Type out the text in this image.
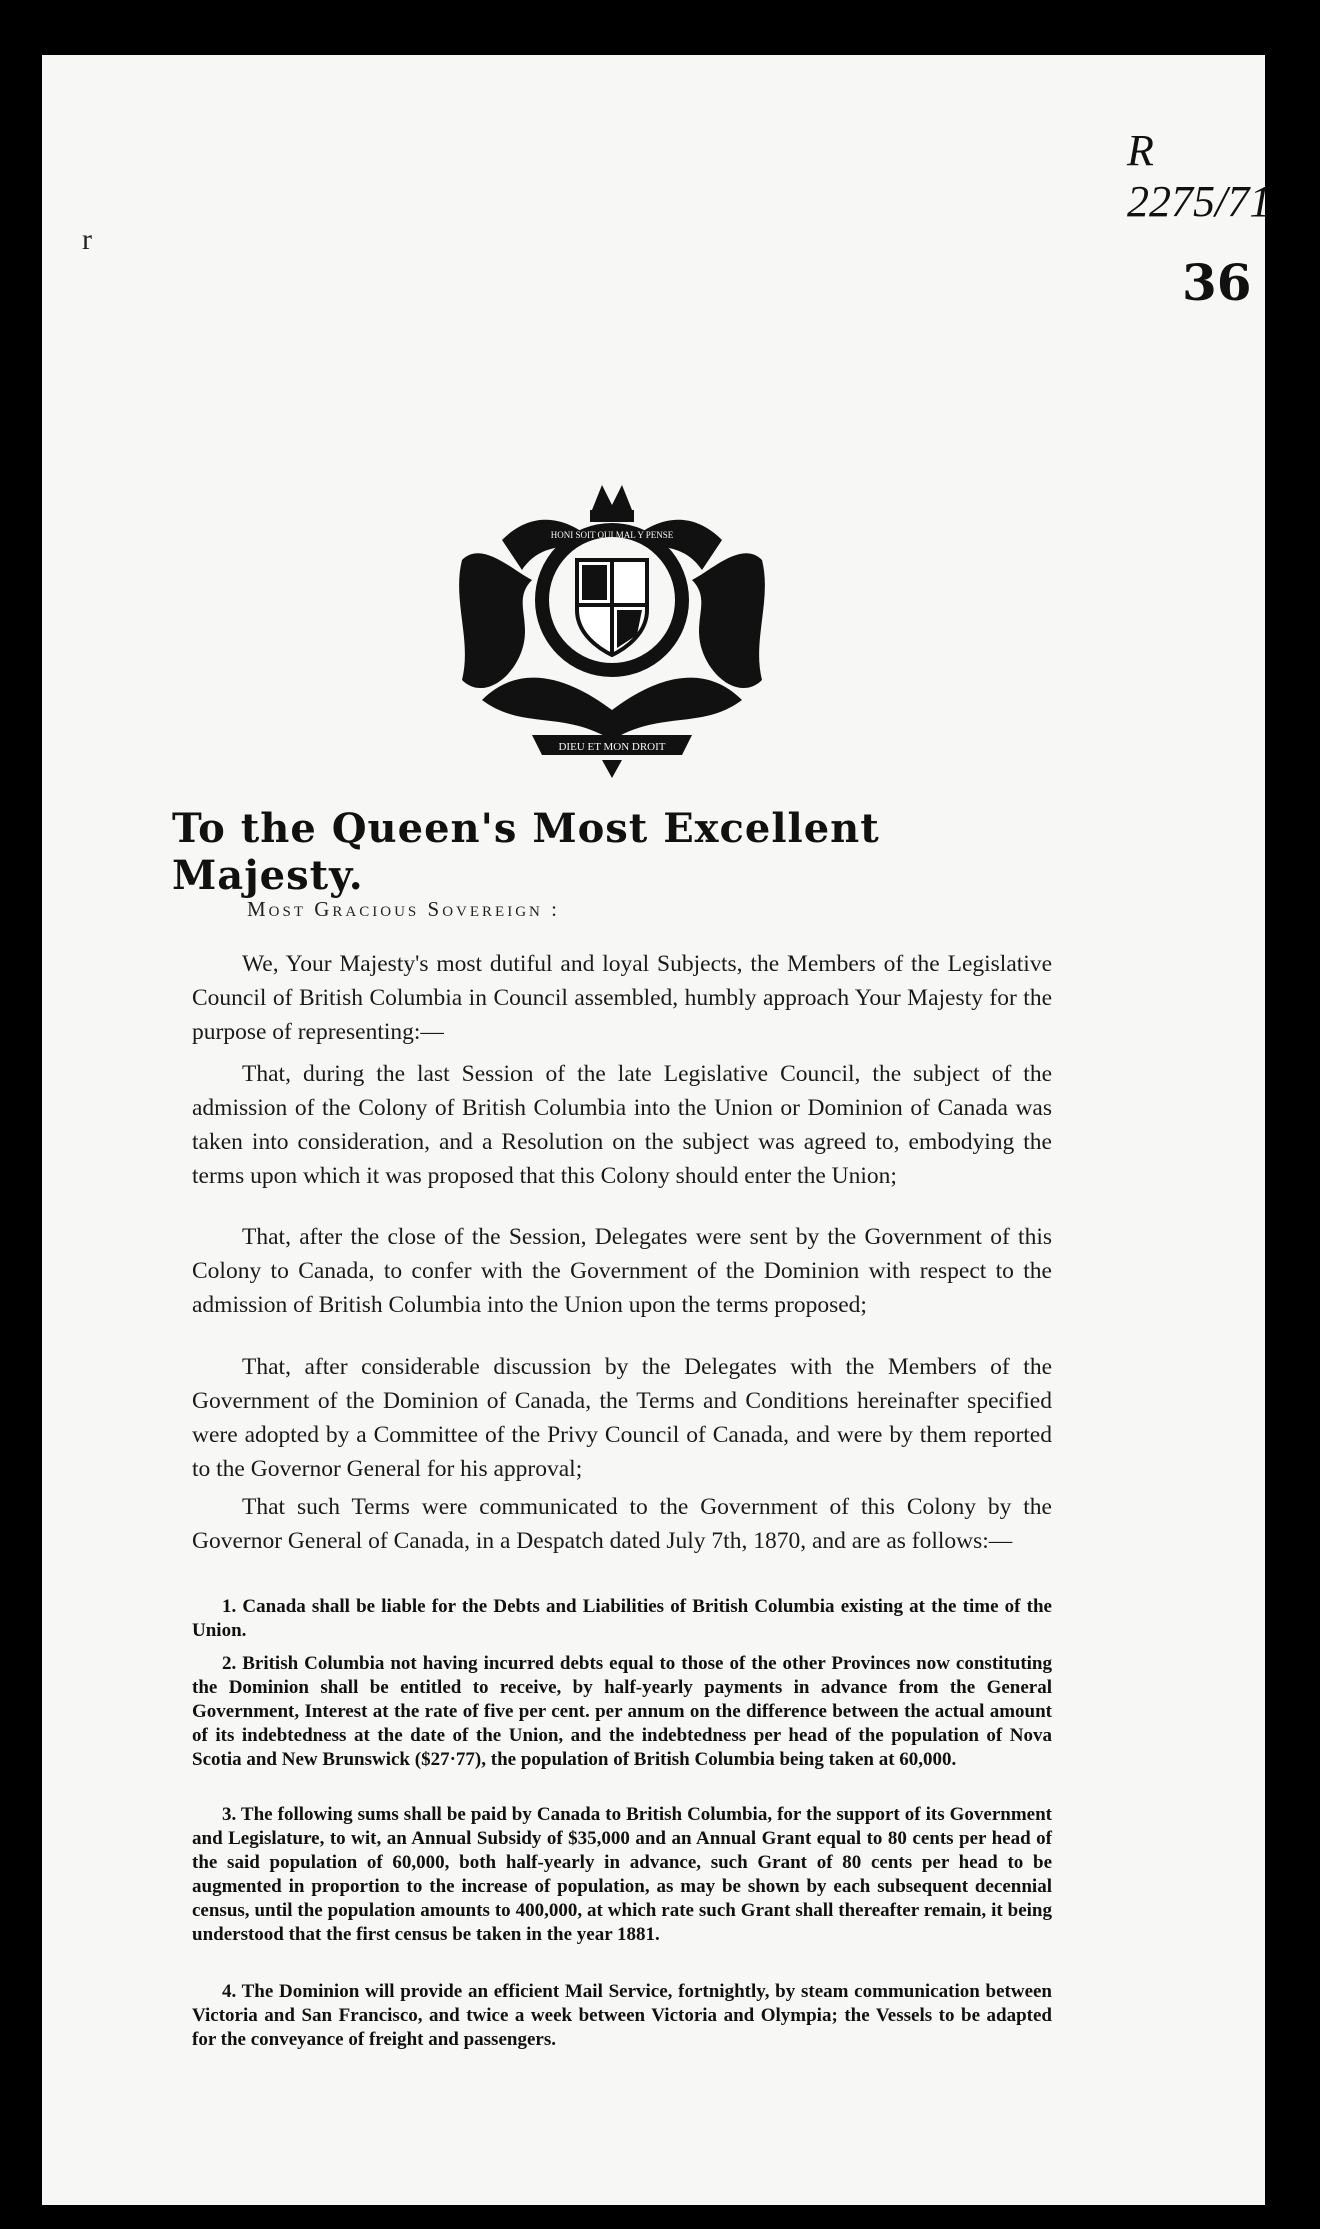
R 2275/71
r
36
HONI SOIT QUI MAL Y PENSE
DIEU ET MON DROIT
To the Queen's Most Excellent Majesty.
Most Gracious Sovereign :
We, Your Majesty's most dutiful and loyal Subjects, the Members of the Legislative Council of British Columbia in Council assembled, humbly approach Your Majesty for the purpose of representing:—
That, during the last Session of the late Legislative Council, the subject of the admission of the Colony of British Columbia into the Union or Dominion of Canada was taken into consideration, and a Resolution on the subject was agreed to, embodying the terms upon which it was proposed that this Colony should enter the Union;
That, after the close of the Session, Delegates were sent by the Government of this Colony to Canada, to confer with the Government of the Dominion with respect to the admission of British Columbia into the Union upon the terms proposed;
That, after considerable discussion by the Delegates with the Members of the Government of the Dominion of Canada, the Terms and Conditions hereinafter specified were adopted by a Committee of the Privy Council of Canada, and were by them reported to the Governor General for his approval;
That such Terms were communicated to the Government of this Colony by the Governor General of Canada, in a Despatch dated July 7th, 1870, and are as follows:—
1. Canada shall be liable for the Debts and Liabilities of British Columbia existing at the time of the Union.
2. British Columbia not having incurred debts equal to those of the other Provinces now constituting the Dominion shall be entitled to receive, by half-yearly payments in advance from the General Government, Interest at the rate of five per cent. per annum on the difference between the actual amount of its indebtedness at the date of the Union, and the indebtedness per head of the population of Nova Scotia and New Brunswick ($27·77), the population of British Columbia being taken at 60,000.
3. The following sums shall be paid by Canada to British Columbia, for the support of its Government and Legislature, to wit, an Annual Subsidy of $35,000 and an Annual Grant equal to 80 cents per head of the said population of 60,000, both half-yearly in advance, such Grant of 80 cents per head to be augmented in proportion to the increase of population, as may be shown by each subsequent decennial census, until the population amounts to 400,000, at which rate such Grant shall thereafter remain, it being understood that the first census be taken in the year 1881.
4. The Dominion will provide an efficient Mail Service, fortnightly, by steam communication between Victoria and San Francisco, and twice a week between Victoria and Olympia; the Vessels to be adapted for the conveyance of freight and passengers.
